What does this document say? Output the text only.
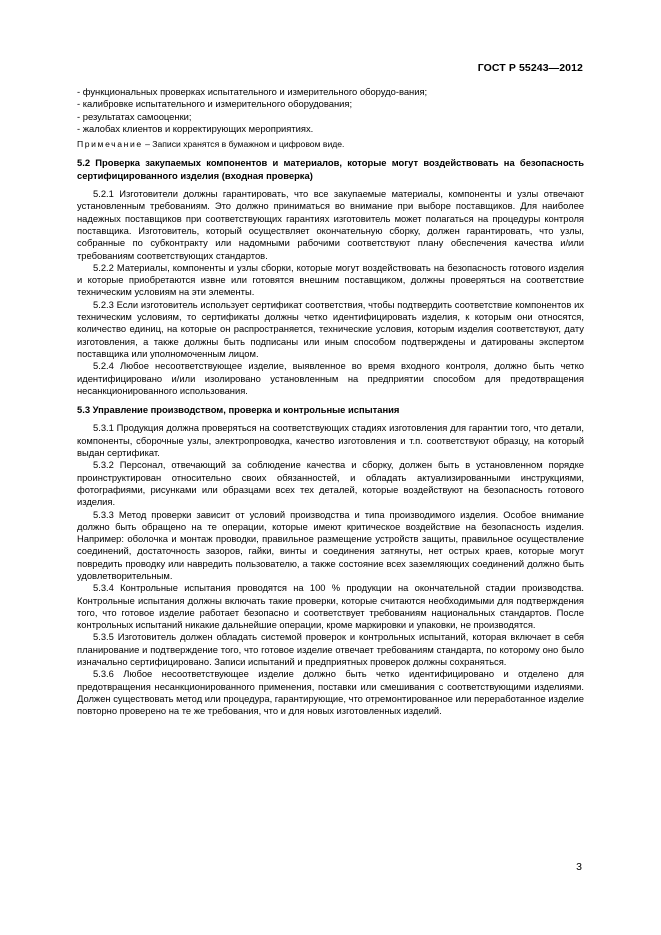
ГОСТ Р 55243—2012

- функциональных проверках испытательного и измерительного оборудо-вания;

- калибровке испытательного и измерительного оборудования;

- результатах самооценки;

- жалобах клиентов и корректирующих мероприятиях.

Примечание – Записи хранятся в бумажном и цифровом виде.

5.2 Проверка закупаемых компонентов и материалов, которые могут воздействовать на безопасность сертифицированного изделия (входная проверка)

5.2.1 Изготовители должны гарантировать, что все закупаемые материалы, компоненты и узлы отвечают установленным требованиям. Это должно приниматься во внимание при выборе поставщиков. Для наиболее надежных поставщиков при соответствующих гарантиях изготовитель может полагаться на процедуры контроля поставщика. Изготовитель, который осуществляет окончательную сборку, должен гарантировать, что узлы, собранные по субконтракту или надомными рабочими соответствуют плану обеспечения качества и/или требованиям соответствующих стандартов.

5.2.2 Материалы, компоненты и узлы сборки, которые могут воздействовать на безопасность готового изделия и которые приобретаются извне или готовятся внешним поставщиком, должны проверяться на соответствие техническим условиям на эти элементы.

5.2.3 Если изготовитель использует сертификат соответствия, чтобы подтвердить соответствие компонентов их техническим условиям, то сертификаты должны четко идентифицировать изделия, к которым они относятся, количество единиц, на которые он распространяется, технические условия, которым изделия соответствуют, дату изготовления, а также должны быть подписаны или иным способом подтверждены и датированы экспертом поставщика или уполномоченным лицом.

5.2.4 Любое несоответствующее изделие, выявленное во время входного контроля, должно быть четко идентифицировано и/или изолировано установленным на предприятии способом для предотвращения несанкционированного использования.

5.3 Управление производством, проверка и контрольные испытания

5.3.1 Продукция должна проверяться на соответствующих стадиях изготовления для гарантии того, что детали, компоненты, сборочные узлы, электропроводка, качество изготовления и т.п. соответствуют образцу, на который выдан сертификат.

5.3.2 Персонал, отвечающий за соблюдение качества и сборку, должен быть в установленном порядке проинструктирован относительно своих обязанностей, и обладать актуализированными инструкциями, фотографиями, рисунками или образцами всех тех деталей, которые воздействуют на безопасность готового изделия.

5.3.3 Метод проверки зависит от условий производства и типа производимого изделия. Особое внимание должно быть обращено на те операции, которые имеют критическое воздействие на безопасность изделия. Например: оболочка и монтаж проводки, правильное размещение устройств защиты, правильное осуществление соединений, достаточность зазоров, гайки, винты и соединения затянуты, нет острых краев, которые могут повредить проводку или навредить пользователю, а также состояние всех заземляющих соединений должно быть удовлетворительным.

5.3.4 Контрольные испытания проводятся на 100 % продукции на окончательной стадии производства. Контрольные испытания должны включать такие проверки, которые считаются необходимыми для подтверждения того, что готовое изделие работает безопасно и соответствует требованиям национальных стандартов. После контрольных испытаний никакие дальнейшие операции, кроме маркировки и упаковки, не производятся.

5.3.5 Изготовитель должен обладать системой проверок и контрольных испытаний, которая включает в себя планирование и подтверждение того, что готовое изделие отвечает требованиям стандарта, по которому оно было изначально сертифицировано. Записи испытаний и предприятных проверок должны сохраняться.

5.3.6 Любое несоответствующее изделие должно быть четко идентифицировано и отделено для предотвращения несанкционированного применения, поставки или смешивания с соответствующими изделиями. Должен существовать метод или процедура, гарантирующие, что отремонтированное или переработанное изделие повторно проверено на те же требования, что и для новых изготовленных изделий.

3
